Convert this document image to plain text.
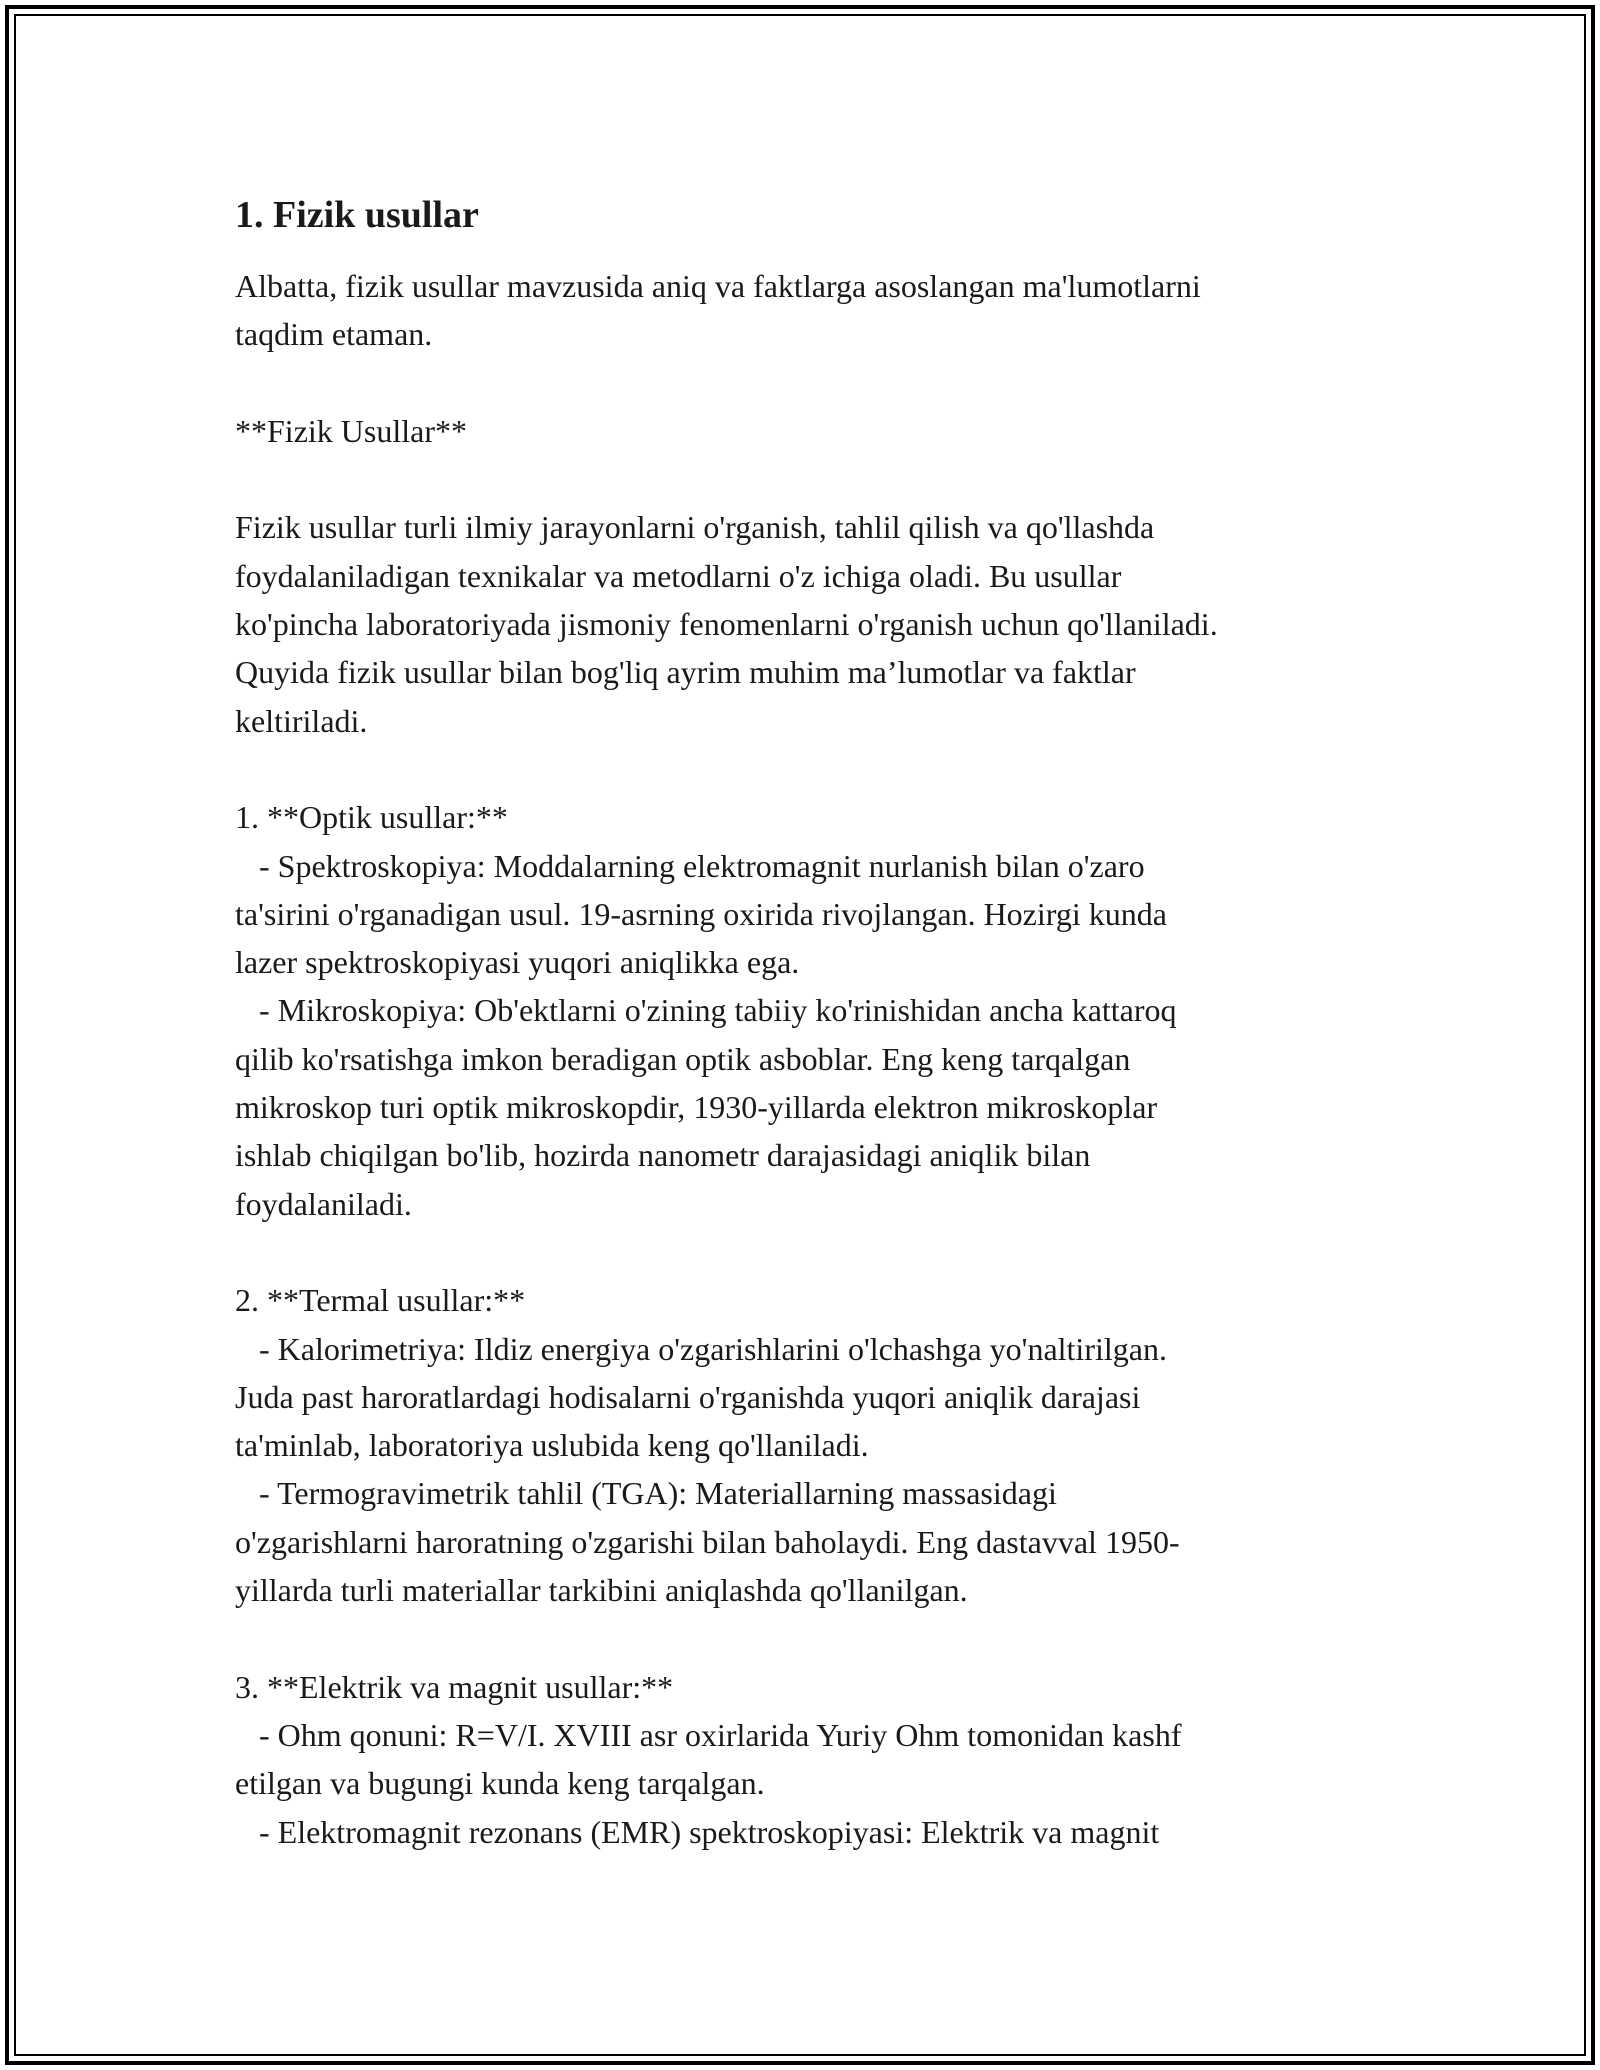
1. Fizik usullar
Albatta, fizik usullar mavzusida aniq va faktlarga asoslangan ma'lumotlarni
taqdim etaman.
**Fizik Usullar**
Fizik usullar turli ilmiy jarayonlarni o'rganish, tahlil qilish va qo'llashda
foydalaniladigan texnikalar va metodlarni o'z ichiga oladi. Bu usullar
ko'pincha laboratoriyada jismoniy fenomenlarni o'rganish uchun qo'llaniladi.
Quyida fizik usullar bilan bog'liq ayrim muhim ma’lumotlar va faktlar
keltiriladi.
1. **Optik usullar:**
- Spektroskopiya: Moddalarning elektromagnit nurlanish bilan o'zaro
ta'sirini o'rganadigan usul. 19-asrning oxirida rivojlangan. Hozirgi kunda
lazer spektroskopiyasi yuqori aniqlikka ega.
- Mikroskopiya: Ob'ektlarni o'zining tabiiy ko'rinishidan ancha kattaroq
qilib ko'rsatishga imkon beradigan optik asboblar. Eng keng tarqalgan
mikroskop turi optik mikroskopdir, 1930-yillarda elektron mikroskoplar
ishlab chiqilgan bo'lib, hozirda nanometr darajasidagi aniqlik bilan
foydalaniladi.
2. **Termal usullar:**
- Kalorimetriya: Ildiz energiya o'zgarishlarini o'lchashga yo'naltirilgan.
Juda past haroratlardagi hodisalarni o'rganishda yuqori aniqlik darajasi
ta'minlab, laboratoriya uslubida keng qo'llaniladi.
- Termogravimetrik tahlil (TGA): Materiallarning massasidagi
o'zgarishlarni haroratning o'zgarishi bilan baholaydi. Eng dastavval 1950-
yillarda turli materiallar tarkibini aniqlashda qo'llanilgan.
3. **Elektrik va magnit usullar:**
- Ohm qonuni: R=V/I. XVIII asr oxirlarida Yuriy Ohm tomonidan kashf
etilgan va bugungi kunda keng tarqalgan.
- Elektromagnit rezonans (EMR) spektroskopiyasi: Elektrik va magnit
